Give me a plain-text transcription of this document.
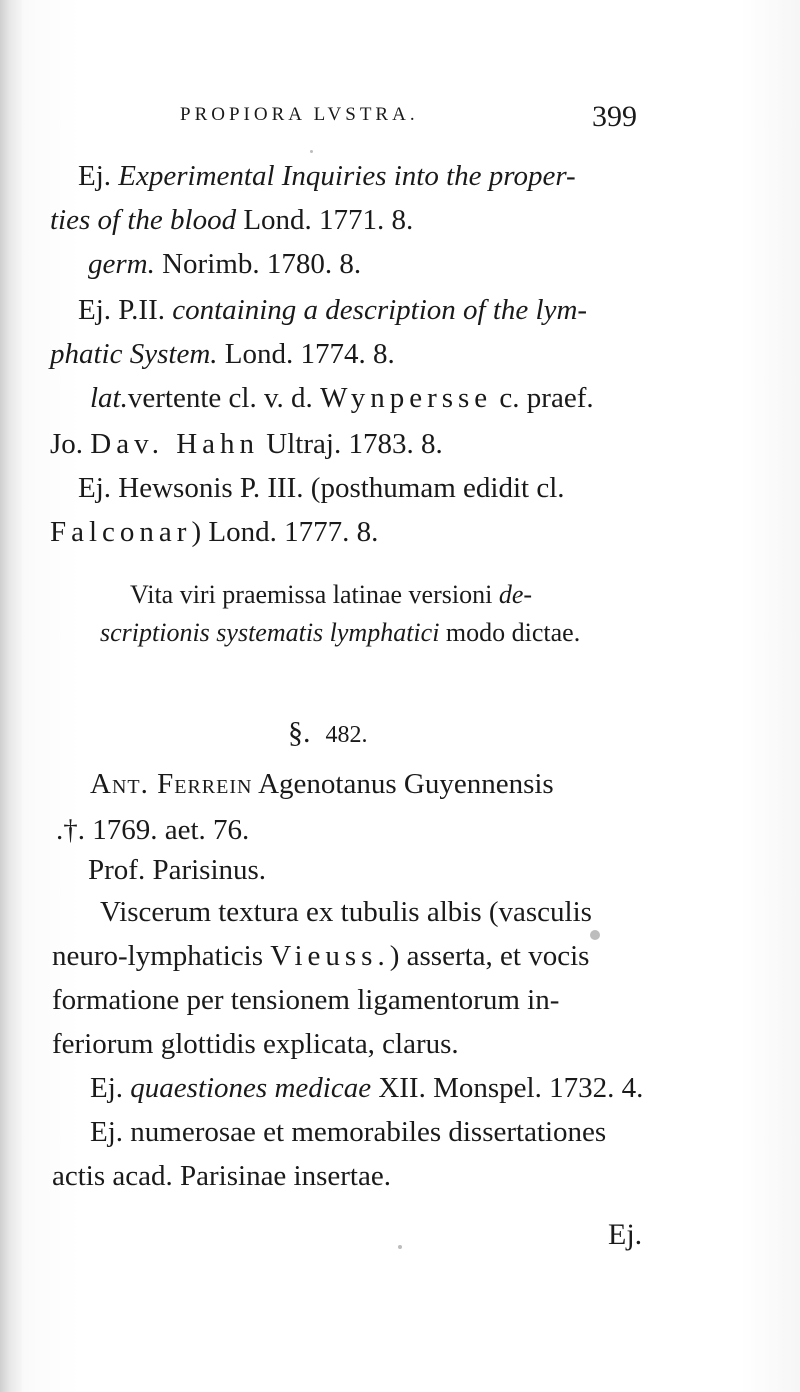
PROPIORA LVSTRA.	399
Ej. Experimental Inquiries into the proper-
ties of the blood Lond. 1771. 8.
germ. Norimb. 1780. 8.
Ej. P.II. containing a description of the lym-
phatic System. Lond. 1774. 8.
lat.vertente cl. v. d. Wynpersse c. praef.
Jo. Dav. Hahn Ultraj. 1783. 8.
Ej. Hewsonis P. III. (posthumam edidit cl.
Falconar) Lond. 1777. 8.
Vita viri praemissa latinae versioni de-
scriptionis systematis lymphatici modo dictae.
§. 482.
Ant. Ferrein Agenotanus Guyennensis
.†. 1769. aet. 76.
Prof. Parisinus.
Viscerum textura ex tubulis albis (vasculis
neuro-lymphaticis Vieuss.) asserta, et vocis
formatione per tensionem ligamentorum in-
feriorum glottidis explicata, clarus.
Ej. quaestiones medicae XII. Monspel. 1732. 4.
Ej. numerosae et memorabiles dissertationes
actis acad. Parisinae insertae.
Ej.
